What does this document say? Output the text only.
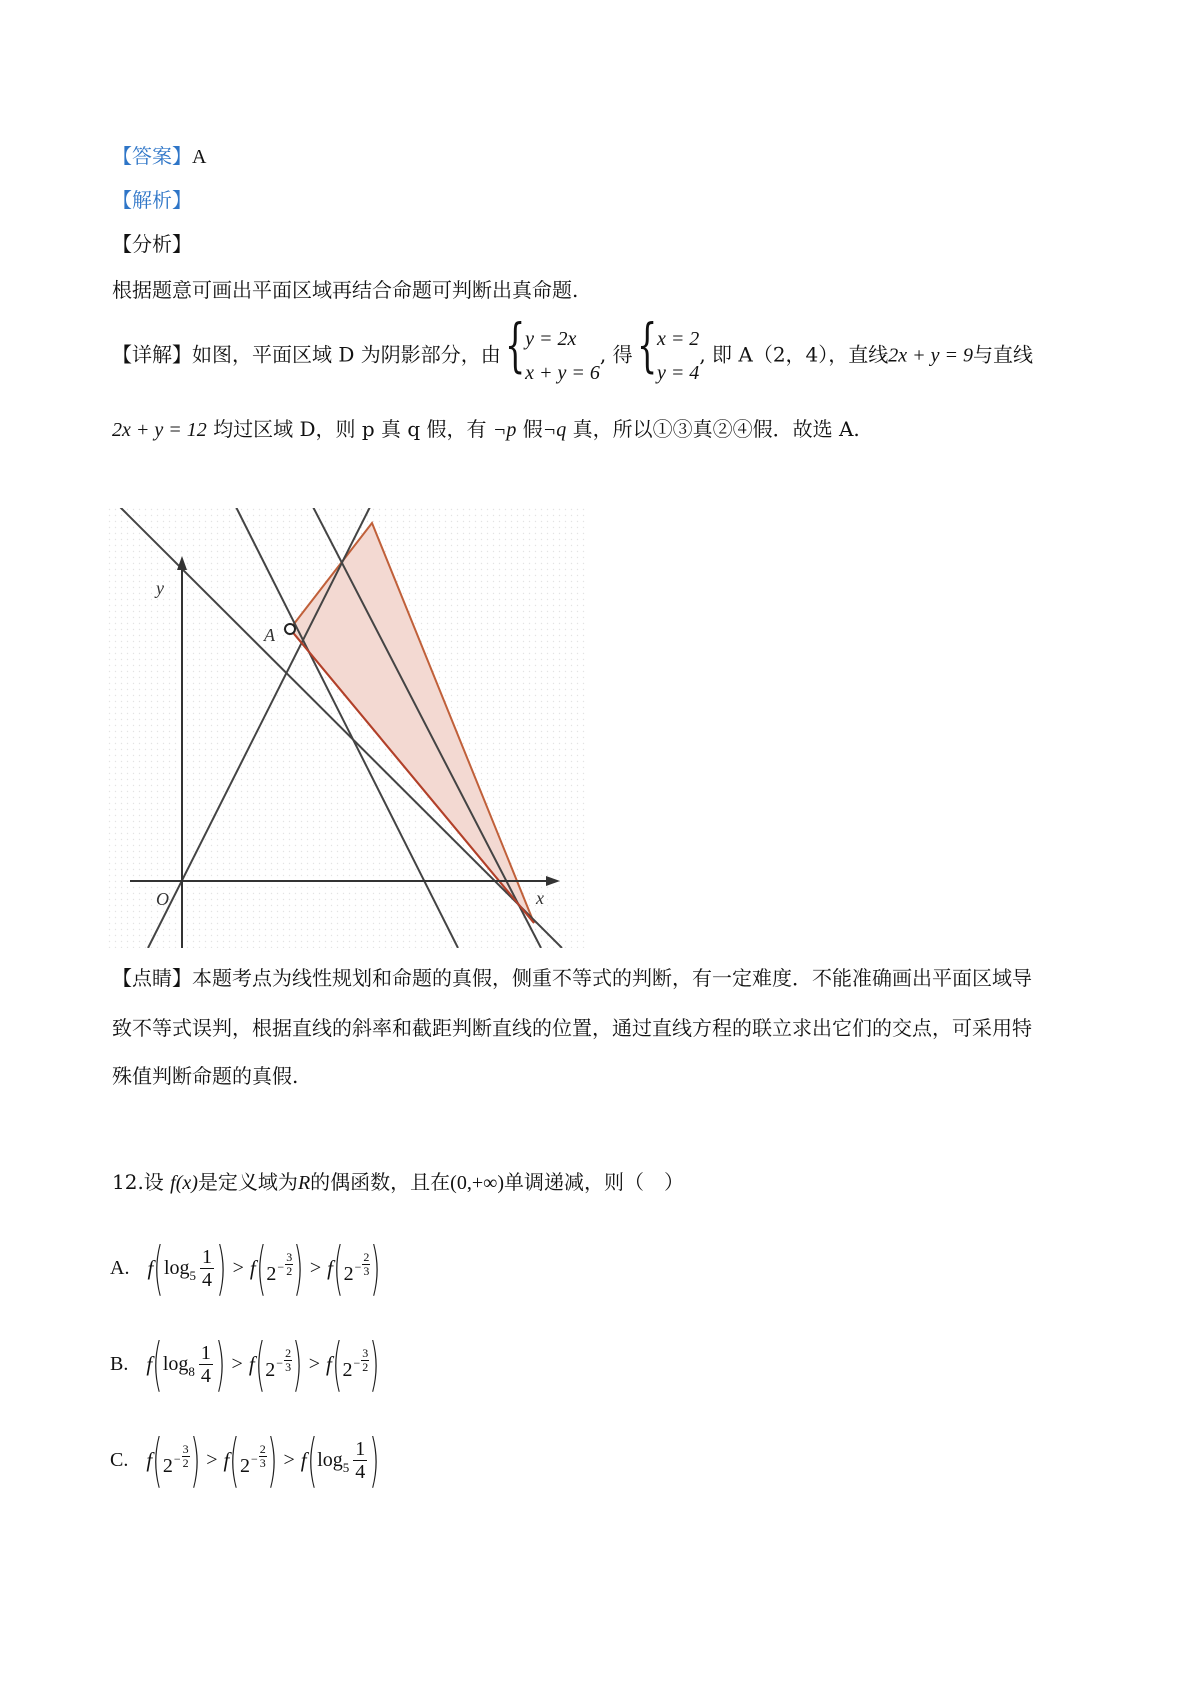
【答案】A
【解析】
【分析】
根据题意可画出平面区域再结合命题可判断出真命题.
【详解】如图，平面区域 D 为阴影部分，由 { y = 2x
x + y = 6
, 得 { x = 2
y = 4
, 即 A（2，4），直线2x + y = 9与直线
2x + y = 12 均过区域 D，则 p 真 q 假，有 ¬p 假¬q 真，所以①③真②④假．故选 A.
y
x
O
A
【点睛】本题考点为线性规划和命题的真假，侧重不等式的判断，有一定难度．不能准确画出平面区域导
致不等式误判，根据直线的斜率和截距判断直线的位置，通过直线方程的联立求出它们的交点，可采用特
殊值判断命题的真假.
12.设 f(x)是定义域为R的偶函数，且在(0,+∞)单调递减，则（　）
A. f ( $\log_5 \frac{1}{4}$ ) > f ( $2 - \frac{3}{2}$ ) > f ( $2 - \frac{2}{3}$ )
B. f ( $\log_8 \frac{1}{4}$ ) > f ( $2 - \frac{2}{3}$ ) > f ( $2 - \frac{3}{2}$ )
C. f ( $2 - \frac{3}{2}$ ) > f ( $2 - \frac{2}{3}$ ) > f ( $\log_5 \frac{1}{4}$ )
